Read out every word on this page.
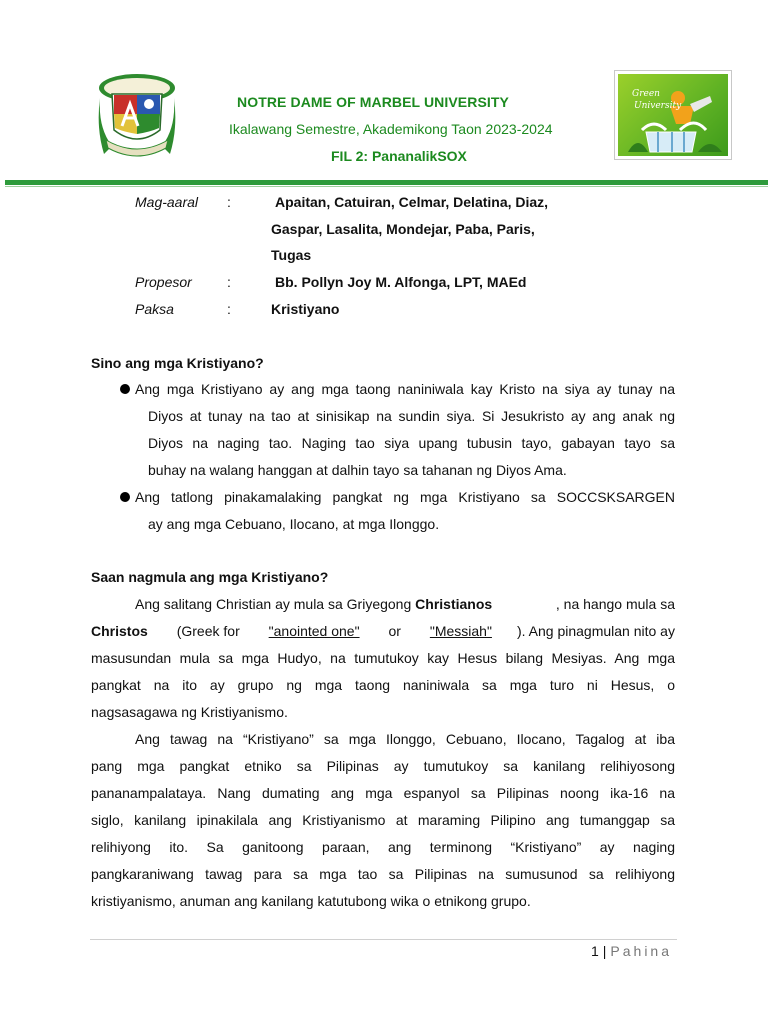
NOTRE DAME OF MARBEL UNIVERSITY
Ikalawang Semestre, Akademikong Taon 2023-2024
FIL 2: PananalikSOX
Green
University
Mag-aaral :	Apaitan, Catuiran, Celmar, Delatina, Diaz,
Gaspar, Lasalita, Mondejar, Paba, Paris,
Tugas
Propesor	:	Bb. Pollyn Joy M. Alfonga, LPT, MAEd
Paksa	:	Kristiyano
Sino ang mga Kristiyano?
Ang mga Kristiyano ay ang mga taong naniniwala kay Kristo na siya ay tunay na
Diyos at tunay na tao at sinisikap na sundin siya. Si Jesukristo ay ang anak ng
Diyos na naging tao. Naging tao siya upang tubusin tayo, gabayan tayo sa
buhay na walang hanggan at dalhin tayo sa tahanan ng Diyos Ama.
Ang tatlong pinakamalaking pangkat ng mga Kristiyano sa SOCCSKSARGEN
ay ang mga Cebuano, Ilocano, at mga Ilonggo.
Saan nagmula ang mga Kristiyano?
Ang salitang Christian ay mula sa Griyegong Christianos	, na hango mula sa
Christos (Greek for "anointed one" or "Messiah" ). Ang pinagmulan nito ay
masusundan mula sa mga Hudyo, na tumutukoy kay Hesus bilang Mesiyas. Ang mga
pangkat na ito ay grupo ng mga taong naniniwala sa mga turo ni Hesus, o
nagsasagawa ng Kristiyanismo.
Ang tawag na “Kristiyano” sa mga Ilonggo, Cebuano, Ilocano, Tagalog at iba
pang mga pangkat etniko sa Pilipinas ay tumutukoy sa kanilang relihiyosong
pananampalataya. Nang dumating ang mga espanyol sa Pilipinas noong ika-16 na
siglo, kanilang ipinakilala ang Kristiyanismo at maraming Pilipino ang tumanggap sa
relihiyong ito. Sa ganitoong paraan, ang terminong “Kristiyano” ay naging
pangkaraniwang tawag para sa mga tao sa Pilipinas na sumusunod sa relihiyong
kristiyanismo, anuman ang kanilang katutubong wika o etnikong grupo.
1 | Pahina
